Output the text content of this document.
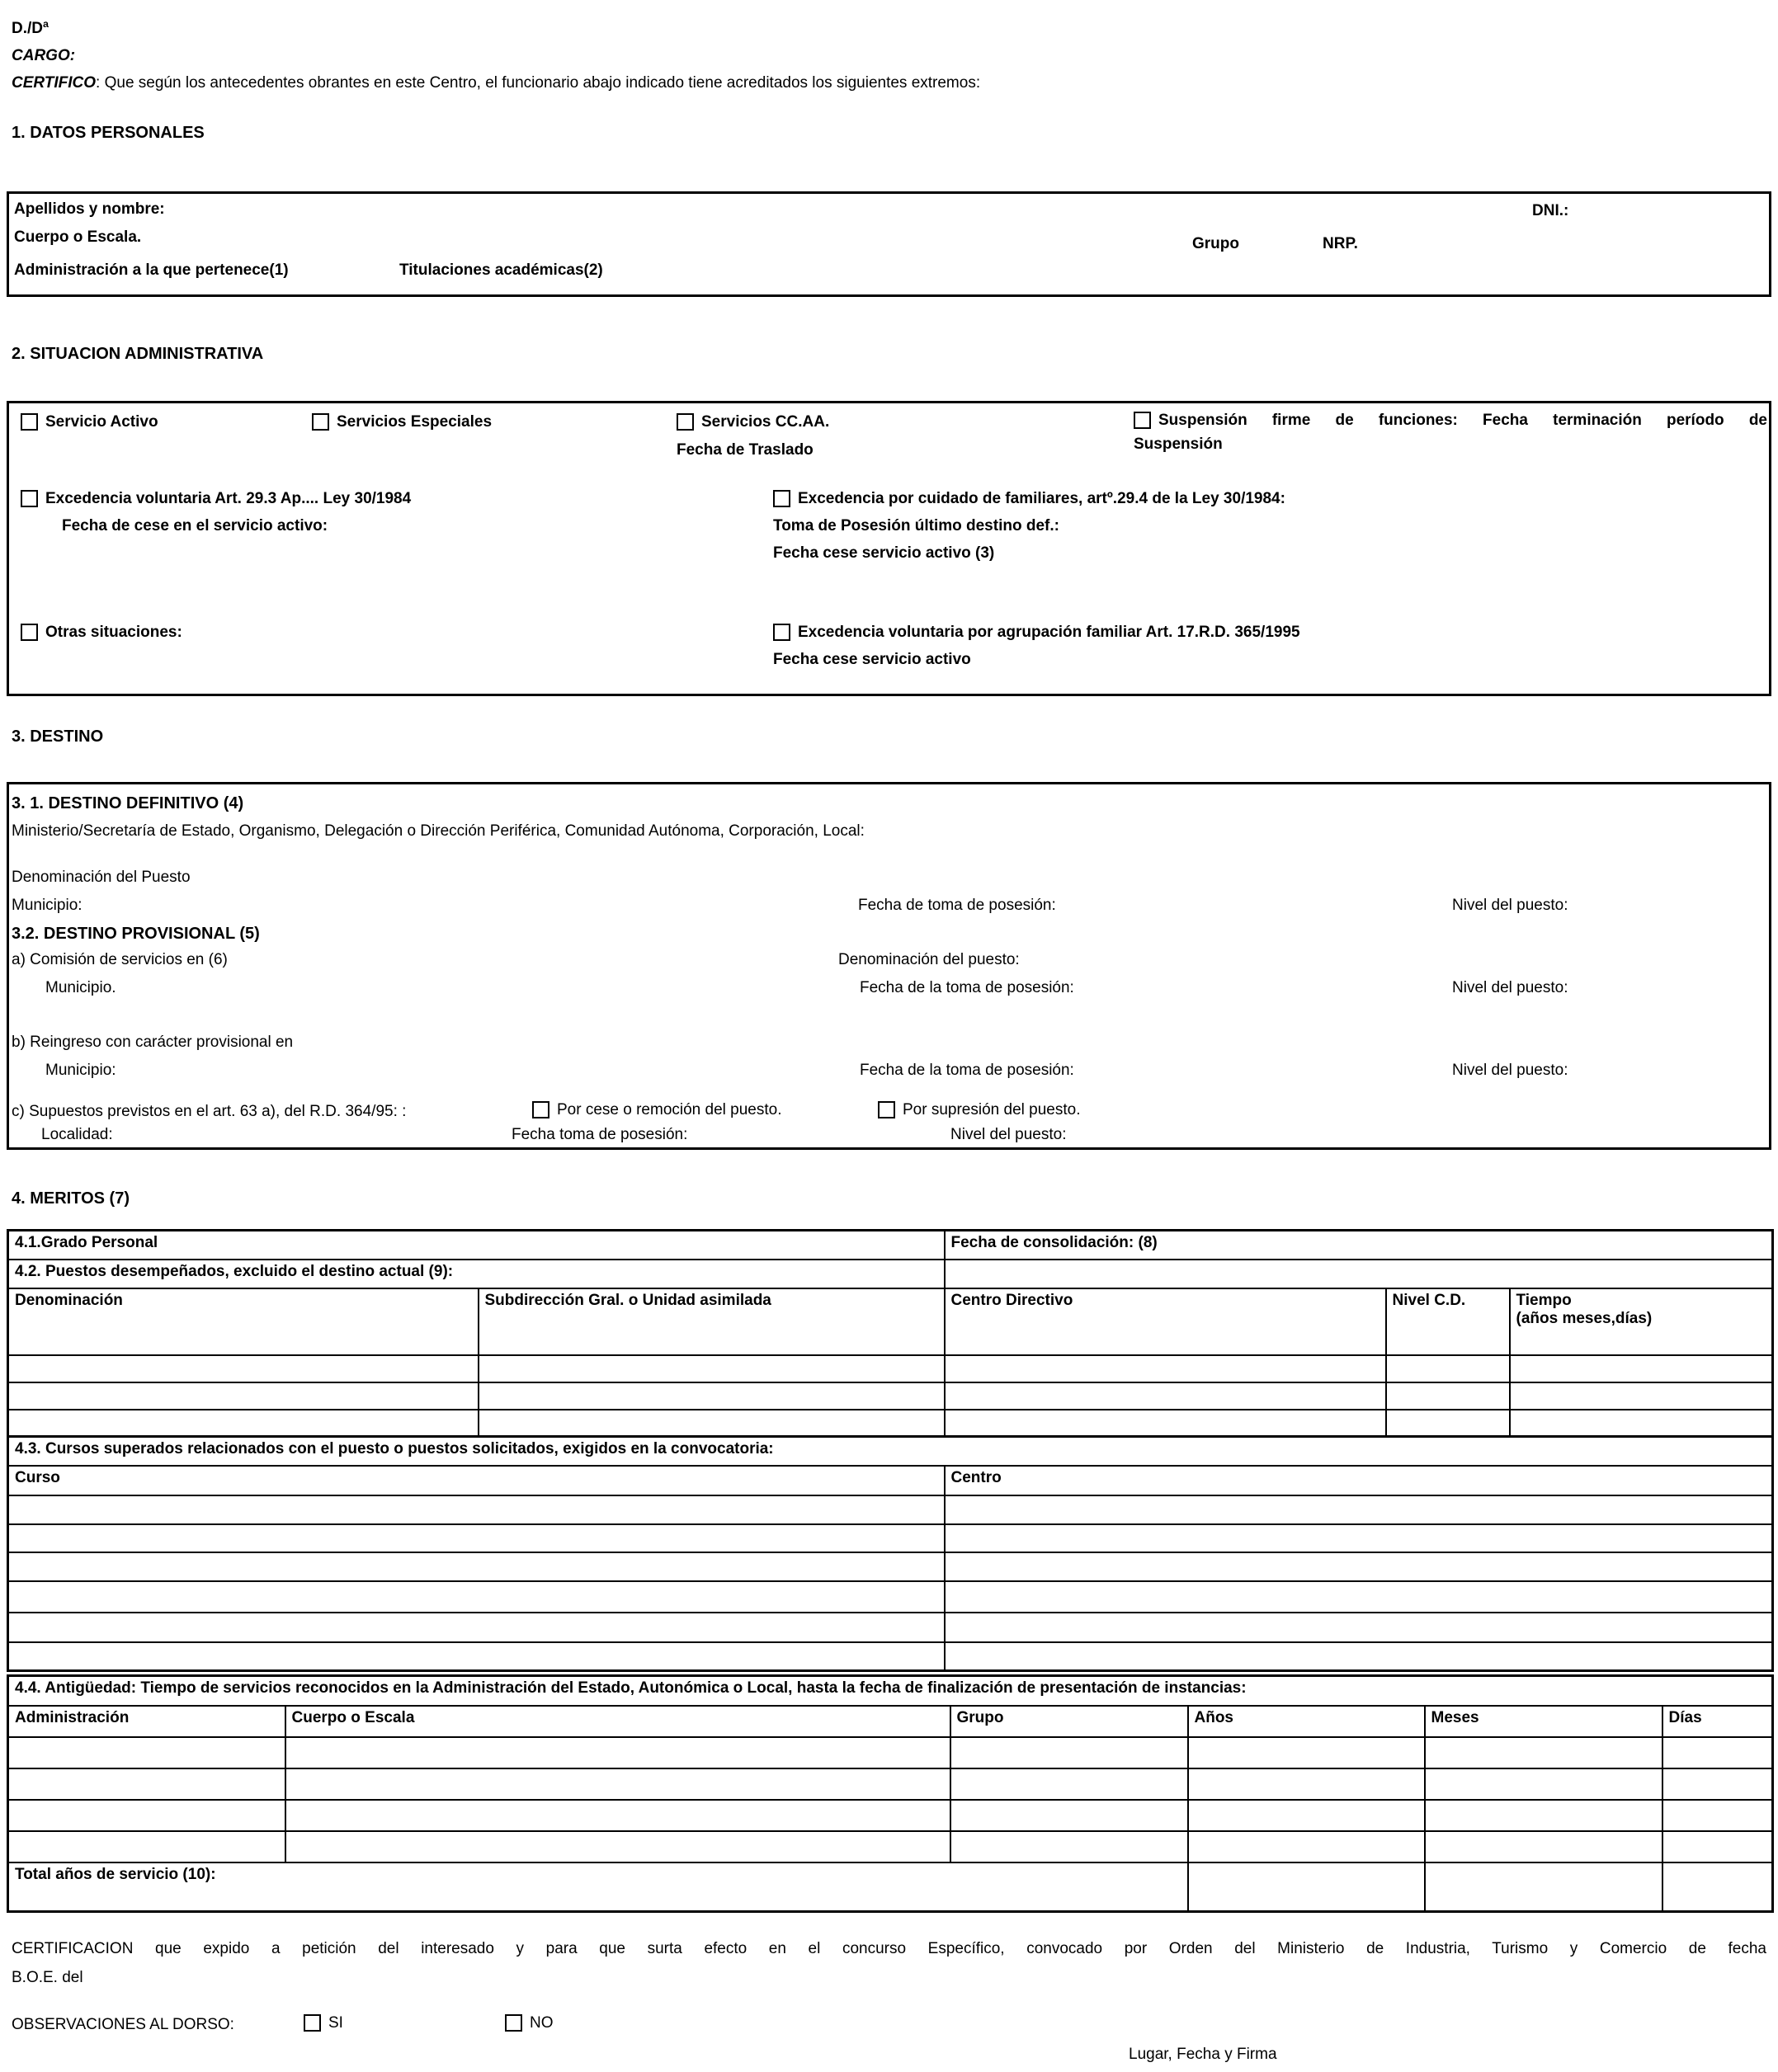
D./Dª
CARGO:
CERTIFICO: Que según los antecedentes obrantes en este Centro, el funcionario abajo indicado tiene acreditados los siguientes extremos:
1. DATOS PERSONALES
Apellidos y nombre:	DNI.:
Cuerpo o Escala.	Grupo	NRP.
Administración a la que pertenece(1)	Titulaciones académicas(2)
2. SITUACION ADMINISTRATIVA
Servicio Activo	Servicios Especiales	Servicios CC.AA.
Fecha de Traslado
Suspensión firme de funciones: Fecha terminación período de
Suspensión
Excedencia voluntaria Art. 29.3 Ap.... Ley 30/1984
Fecha de cese en el servicio activo:
Excedencia por cuidado de familiares, artº.29.4 de la Ley 30/1984:
Toma de Posesión último destino def.:
Fecha cese servicio activo (3)
Otras situaciones:	Excedencia voluntaria por agrupación familiar Art. 17.R.D. 365/1995
Fecha cese servicio activo
3. DESTINO
3. 1. DESTINO DEFINITIVO (4)
Ministerio/Secretaría de Estado, Organismo, Delegación o Dirección Periférica, Comunidad Autónoma, Corporación, Local:
Denominación del Puesto
Municipio:	Fecha de toma de posesión:	Nivel del puesto:
3.2. DESTINO PROVISIONAL (5)
a) Comisión de servicios en (6)	Denominación del puesto:
Municipio.	Fecha de la toma de posesión:	Nivel del puesto:
b) Reingreso con carácter provisional en
Municipio:	Fecha de la toma de posesión:	Nivel del puesto:
c) Supuestos previstos en el art. 63 a), del R.D. 364/95: :	Por cese o remoción del puesto.	Por supresión del puesto.
Localidad:	Fecha toma de posesión:	Nivel del puesto:
4. MERITOS (7)
4.1.Grado Personal		Fecha de consolidación: (8)		
4.2. Puestos desempeñados, excluido el destino actual (9):				
Denominación	Subdirección Gral. o Unidad asimilada	Centro Directivo	Nivel C.D.	Tiempo
(años meses,días)

4.3. Cursos superados relacionados con el puesto o puestos solicitados, exigidos en la convocatoria:	
Curso	Centro

4.4. Antigüedad: Tiempo de servicios reconocidos en la Administración del Estado, Autonómica o Local, hasta la fecha de finalización de presentación de instancias:					
Administración	Cuerpo o Escala	Grupo	Años	Meses	Días

Total años de servicio (10):					
CERTIFICACION que expido a petición del interesado y para que surta efecto en el concurso Específico, convocado por Orden del Ministerio de Industria, Turismo y Comercio de fecha
B.O.E. del
OBSERVACIONES AL DORSO:	SI	NO
Lugar, Fecha y Firma
